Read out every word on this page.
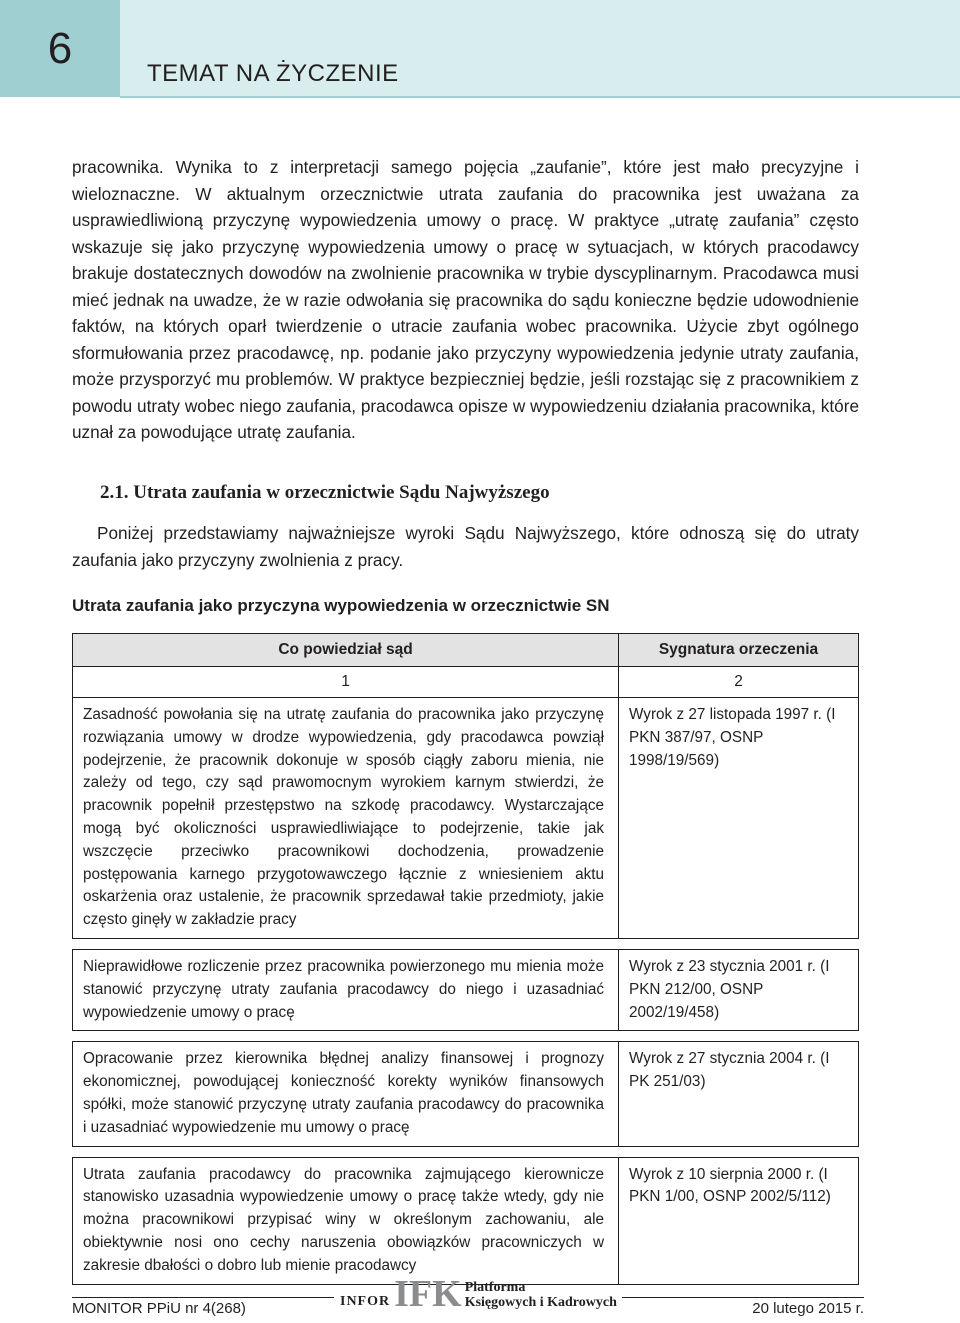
6
TEMAT NA ŻYCZENIE

pracownika. Wynika to z interpretacji samego pojęcia „zaufanie”, które jest mało precyzyjne i wieloznaczne. W aktualnym orzecznictwie utrata zaufania do pracownika jest uważana za usprawiedliwioną przyczynę wypowiedzenia umowy o pracę. W praktyce „utratę zaufania” często wskazuje się jako przyczynę wypowiedzenia umowy o pracę w sytuacjach, w których pracodawcy brakuje dostatecznych dowodów na zwolnienie pracownika w trybie dyscyplinarnym. Pracodawca musi mieć jednak na uwadze, że w razie odwołania się pracownika do sądu konieczne będzie udowodnienie faktów, na których oparł twierdzenie o utracie zaufania wobec pracownika. Użycie zbyt ogólnego sformułowania przez pracodawcę, np. podanie jako przyczyny wypowiedzenia jedynie utraty zaufania, może przysporzyć mu problemów. W praktyce bezpieczniej będzie, jeśli rozstając się z pracownikiem z powodu utraty wobec niego zaufania, pracodawca opisze w wypowiedzeniu działania pracownika, które uznał za powodujące utratę zaufania.

2.1. Utrata zaufania w orzecznictwie Sądu Najwyższego

Poniżej przedstawiamy najważniejsze wyroki Sądu Najwyższego, które odnoszą się do utraty zaufania jako przyczyny zwolnienia z pracy.

Utrata zaufania jako przyczyna wypowiedzenia w orzecznictwie SN
Co powiedział sąd	Sygnatura orzeczenia
1	2
Zasadność powołania się na utratę zaufania do pracownika jako przyczynę rozwiązania umowy w drodze wypowiedzenia, gdy pracodawca powziął podejrzenie, że pracownik dokonuje w sposób ciągły zaboru mienia, nie zależy od tego, czy sąd prawomocnym wyrokiem karnym stwierdzi, że pracownik popełnił przestępstwo na szkodę pracodawcy. Wystarczające mogą być okoliczności usprawiedliwiające to podejrzenie, takie jak wszczęcie przeciwko pracownikowi dochodzenia, prowadzenie postępowania karnego przygotowawczego łącznie z wniesieniem aktu oskarżenia oraz ustalenie, że pracownik sprzedawał takie przedmioty, jakie często ginęły w zakładzie pracy	Wyrok z 27 listopada 1997 r. (I PKN 387/97, OSNP 1998/19/569)

Nieprawidłowe rozliczenie przez pracownika powierzonego mu mienia może stanowić przyczynę utraty zaufania pracodawcy do niego i uzasadniać wypowiedzenie umowy o pracę	Wyrok z 23 stycznia 2001 r. (I PKN 212/00, OSNP 2002/19/458)

Opracowanie przez kierownika błędnej analizy finansowej i prognozy ekonomicznej, powodującej konieczność korekty wyników finansowych spółki, może stanowić przyczynę utraty zaufania pracodawcy do pracownika i uzasadniać wypowiedzenie mu umowy o pracę	Wyrok z 27 stycznia 2004 r. (I PK 251/03)

Utrata zaufania pracodawcy do pracownika zajmującego kierownicze stanowisko uzasadnia wypowiedzenie umowy o pracę także wtedy, gdy nie można pracownikowi przypisać winy w określonym zachowaniu, ale obiektywnie nosi ono cechy naruszenia obowiązków pracowniczych w zakresie dbałości o dobro lub mienie pracodawcy	Wyrok z 10 sierpnia 2000 r. (I PKN 1/00, OSNP 2002/5/112)
INFOR IFK Platforma
Księgowych i Kadrowych
MONITOR PPiU nr 4(268)	20 lutego 2015 r.
